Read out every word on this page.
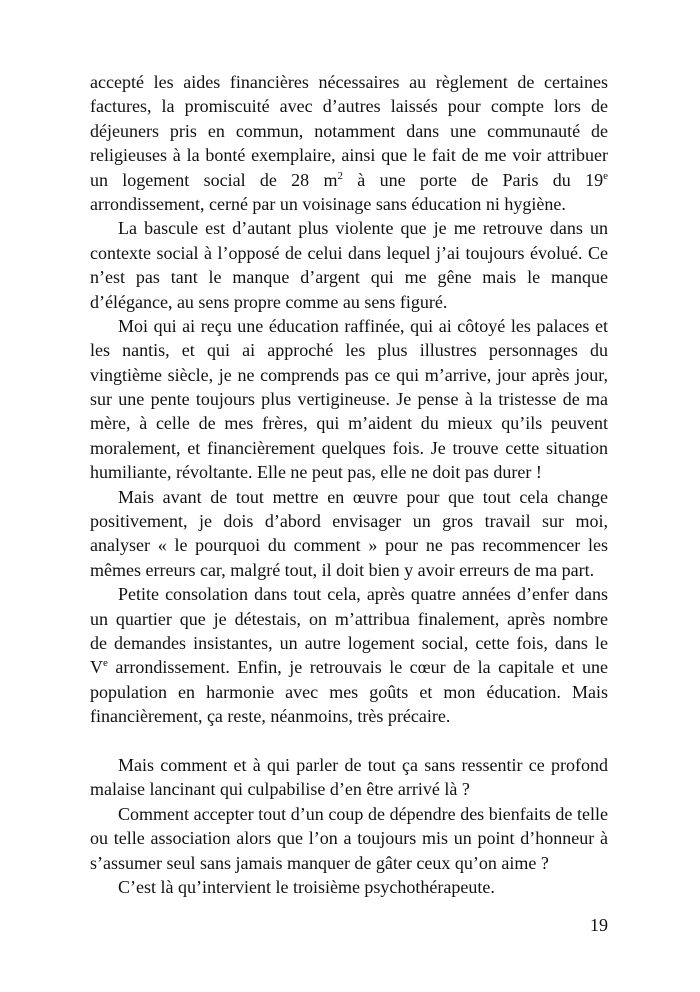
accepté les aides financières nécessaires au règlement de certaines
factures, la promiscuité avec d’autres laissés pour compte lors de
déjeuners pris en commun, notamment dans une communauté de
religieuses à la bonté exemplaire, ainsi que le fait de me voir attribuer
un logement social de 28 $m^2$ à une porte de Paris du 19e
arrondissement, cerné par un voisinage sans éducation ni hygiène.
La bascule est d’autant plus violente que je me retrouve dans un
contexte social à l’opposé de celui dans lequel j’ai toujours évolué. Ce
n’est pas tant le manque d’argent qui me gêne mais le manque
d’élégance, au sens propre comme au sens figuré.
Moi qui ai reçu une éducation raffinée, qui ai côtoyé les palaces et
les nantis, et qui ai approché les plus illustres personnages du
vingtième siècle, je ne comprends pas ce qui m’arrive, jour après jour,
sur une pente toujours plus vertigineuse. Je pense à la tristesse de ma
mère, à celle de mes frères, qui m’aident du mieux qu’ils peuvent
moralement, et financièrement quelques fois. Je trouve cette situation
humiliante, révoltante. Elle ne peut pas, elle ne doit pas durer !
Mais avant de tout mettre en œuvre pour que tout cela change
positivement, je dois d’abord envisager un gros travail sur moi,
analyser « le pourquoi du comment » pour ne pas recommencer les
mêmes erreurs car, malgré tout, il doit bien y avoir erreurs de ma part.
Petite consolation dans tout cela, après quatre années d’enfer dans
un quartier que je détestais, on m’attribua finalement, après nombre
de demandes insistantes, un autre logement social, cette fois, dans le
Ve arrondissement. Enfin, je retrouvais le cœur de la capitale et une
population en harmonie avec mes goûts et mon éducation. Mais
financièrement, ça reste, néanmoins, très précaire.
Mais comment et à qui parler de tout ça sans ressentir ce profond
malaise lancinant qui culpabilise d’en être arrivé là ?
Comment accepter tout d’un coup de dépendre des bienfaits de telle
ou telle association alors que l’on a toujours mis un point d’honneur à
s’assumer seul sans jamais manquer de gâter ceux qu’on aime ?
C’est là qu’intervient le troisième psychothérapeute.
19
